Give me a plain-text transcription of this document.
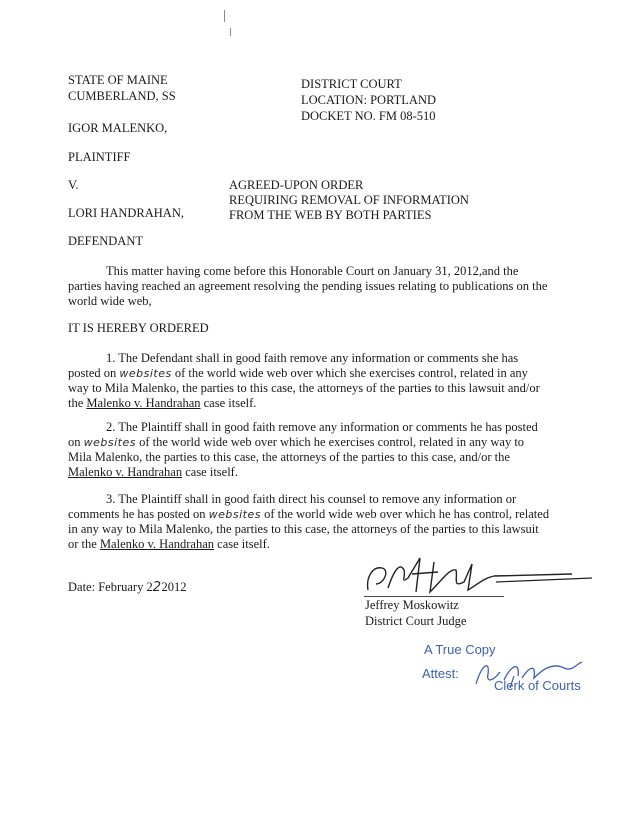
STATE OF MAINE
CUMBERLAND, SS
IGOR MALENKO,
PLAINTIFF
V.
LORI HANDRAHAN,
DEFENDANT
DISTRICT COURT
LOCATION: PORTLAND
DOCKET NO. FM 08-510
AGREED-UPON ORDER
REQUIRING REMOVAL OF INFORMATION
FROM THE WEB BY BOTH PARTIES
This matter having come before this Honorable Court on January 31, 2012,and the parties having reached an agreement resolving the pending issues relating to publications on the world wide web,
IT IS HEREBY ORDERED
1. The Defendant shall in good faith remove any information or comments she has posted on websites of the world wide web over which she exercises control, related in any way to Mila Malenko, the parties to this case, the attorneys of the parties to this lawsuit and/or the Malenko v. Handrahan case itself.
2. The Plaintiff shall in good faith remove any information or comments he has posted on websites of the world wide web over which he exercises control, related in any way to Mila Malenko, the parties to this case, the attorneys of the parties to this case, and/or the Malenko v. Handrahan case itself.
3. The Plaintiff shall in good faith direct his counsel to remove any information or comments he has posted on websites of the world wide web over which he has control, related in any way to Mila Malenko, the parties to this case, the attorneys of the parties to this lawsuit or the Malenko v. Handrahan case itself.
Date: February 222012
Jeffrey Moskowitz
District Court Judge
A True Copy
Attest:
Clerk of Courts
